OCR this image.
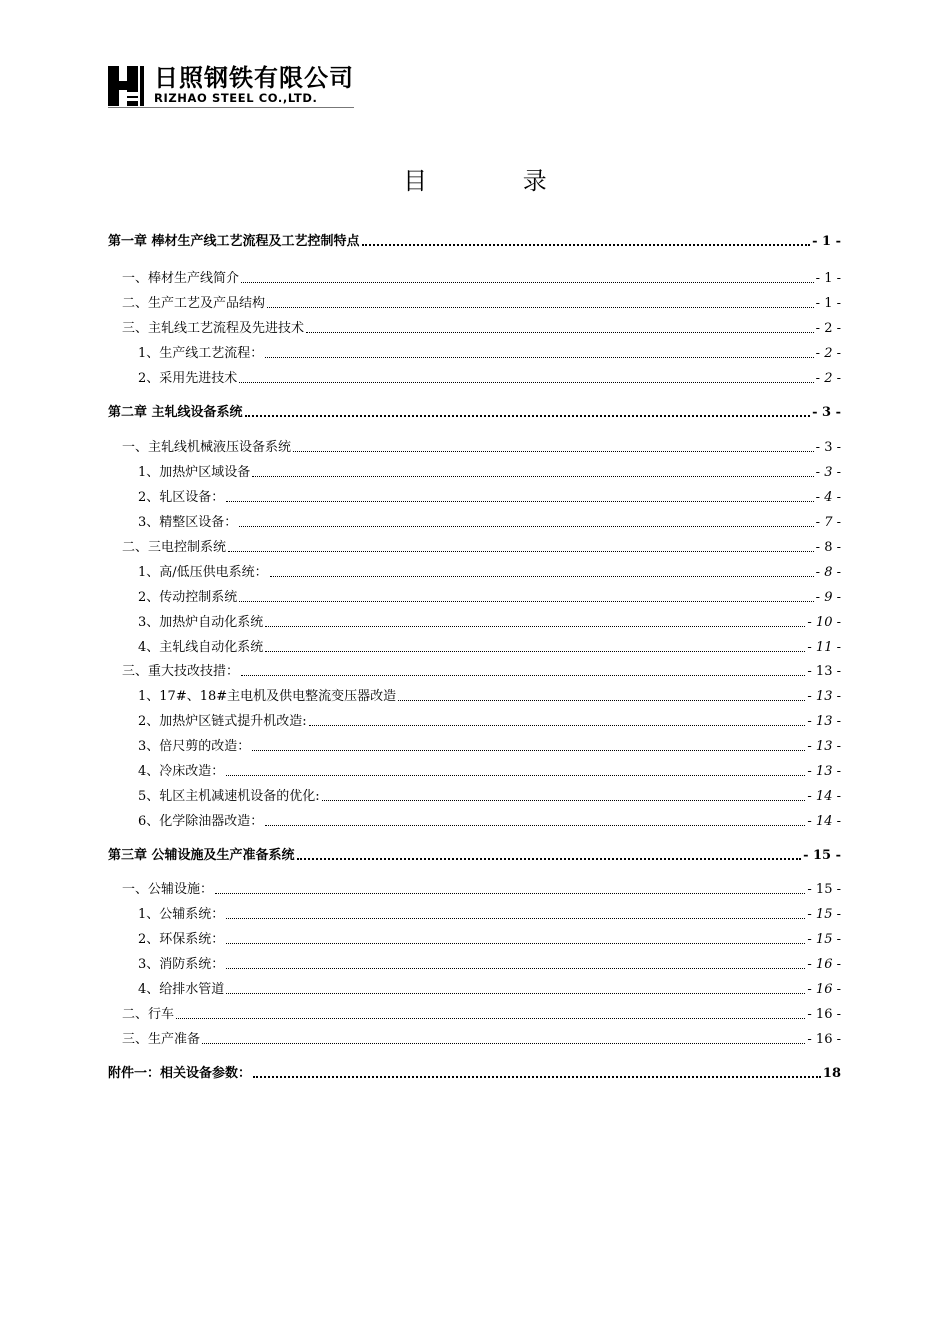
日照钢铁有限公司
RIZHAO STEEL CO.,LTD.
目 录
第一章 棒材生产线工艺流程及工艺控制特点	- 1 -
一、棒材生产线简介	- 1 -
二、生产工艺及产品结构	- 1 -
三、主轧线工艺流程及先进技术	- 2 -
1、生产线工艺流程：	- 2 -
2、采用先进技术	- 2 -
第二章 主轧线设备系统	- 3 -
一、主轧线机械液压设备系统	- 3 -
1、加热炉区域设备	- 3 -
2、轧区设备：	- 4 -
3、精整区设备：	- 7 -
二、三电控制系统	- 8 -
1、高/低压供电系统：	- 8 -
2、传动控制系统	- 9 -
3、加热炉自动化系统	- 10 -
4、主轧线自动化系统	- 11 -
三、重大技改技措：	- 13 -
1、17#、18#主电机及供电整流变压器改造	- 13 -
2、加热炉区链式提升机改造:	- 13 -
3、倍尺剪的改造：	- 13 -
4、冷床改造：	- 13 -
5、轧区主机减速机设备的优化:	- 14 -
6、化学除油器改造：	- 14 -
第三章 公辅设施及生产准备系统	- 15 -
一、公辅设施：	- 15 -
1、公辅系统：	- 15 -
2、环保系统：	- 15 -
3、消防系统：	- 16 -
4、给排水管道	- 16 -
二、行车	- 16 -
三、生产准备	- 16 -
附件一：相关设备参数：	18
